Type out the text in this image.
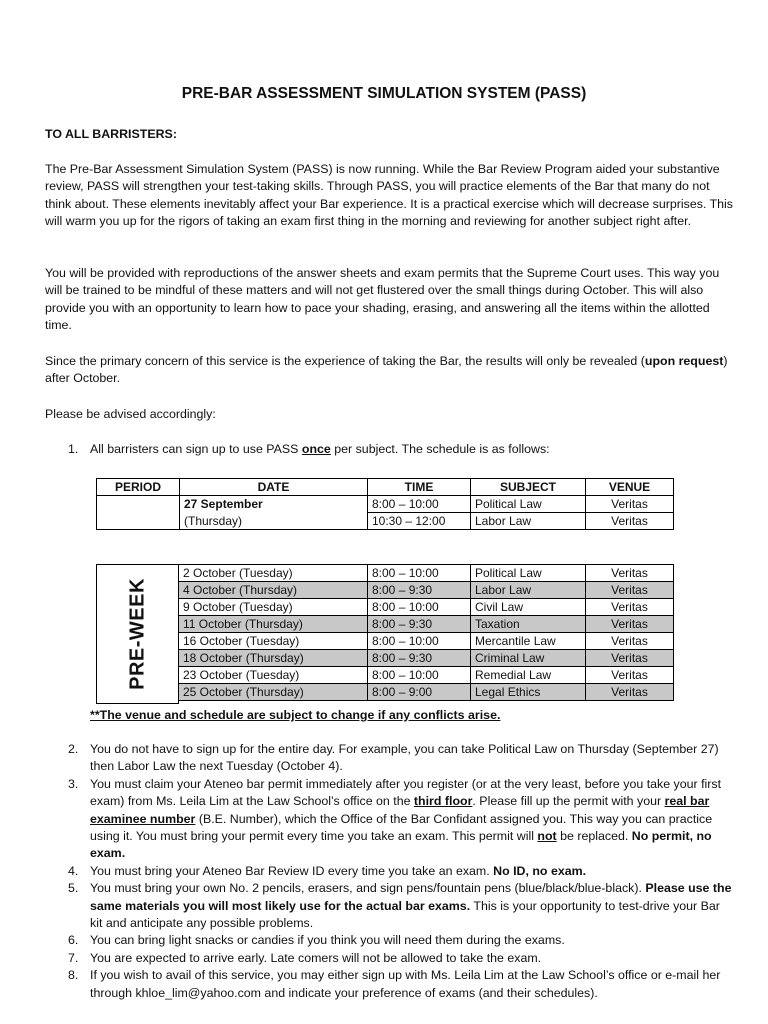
PRE-BAR ASSESSMENT SIMULATION SYSTEM (PASS)
TO ALL BARRISTERS:

The Pre-Bar Assessment Simulation System (PASS) is now running. While the Bar Review Program aided your substantive review, PASS will strengthen your test-taking skills. Through PASS, you will practice elements of the Bar that many do not think about. These elements inevitably affect your Bar experience. It is a practical exercise which will decrease surprises. This will warm you up for the rigors of taking an exam first thing in the morning and reviewing for another subject right after.

You will be provided with reproductions of the answer sheets and exam permits that the Supreme Court uses. This way you will be trained to be mindful of these matters and will not get flustered over the small things during October. This will also provide you with an opportunity to learn how to pace your shading, erasing, and answering all the items within the allotted time.

Since the primary concern of this service is the experience of taking the Bar, the results will only be revealed (upon request) after October.

Please be advised accordingly:

1. All barristers can sign up to use PASS once per subject. The schedule is as follows:
PERIOD	DATE	TIME	SUBJECT	VENUE
	27 September	8:00 – 10:00	Political Law	Veritas
	(Thursday)	10:30 – 12:00	Labor Law	Veritas
PRE-WEEK
2 October (Tuesday)	8:00 – 10:00	Political Law	Veritas
4 October (Thursday)	8:00 – 9:30	Labor Law	Veritas
9 October (Tuesday)	8:00 – 10:00	Civil Law	Veritas
11 October (Thursday)	8:00 – 9:30	Taxation	Veritas
16 October (Tuesday)	8:00 – 10:00	Mercantile Law	Veritas
18 October (Thursday)	8:00 – 9:30	Criminal Law	Veritas
23 October (Tuesday)	8:00 – 10:00	Remedial Law	Veritas
25 October (Thursday)	8:00 – 9:00	Legal Ethics	Veritas
**The venue and schedule are subject to change if any conflicts arise.
2. You do not have to sign up for the entire day. For example, you can take Political Law on Thursday (September 27) then Labor Law the next Tuesday (October 4).
3. You must claim your Ateneo bar permit immediately after you register (or at the very least, before you take your first exam) from Ms. Leila Lim at the Law School’s office on the third floor. Please fill up the permit with your real bar examinee number (B.E. Number), which the Office of the Bar Confidant assigned you. This way you can practice using it. You must bring your permit every time you take an exam. This permit will not be replaced. No permit, no exam.
4. You must bring your Ateneo Bar Review ID every time you take an exam. No ID, no exam.
5. You must bring your own No. 2 pencils, erasers, and sign pens/fountain pens (blue/black/blue-black). Please use the same materials you will most likely use for the actual bar exams. This is your opportunity to test-drive your Bar kit and anticipate any possible problems.
6. You can bring light snacks or candies if you think you will need them during the exams.
7. You are expected to arrive early. Late comers will not be allowed to take the exam.
8. If you wish to avail of this service, you may either sign up with Ms. Leila Lim at the Law School’s office or e-mail her through khloe_lim@yahoo.com and indicate your preference of exams (and their schedules).
